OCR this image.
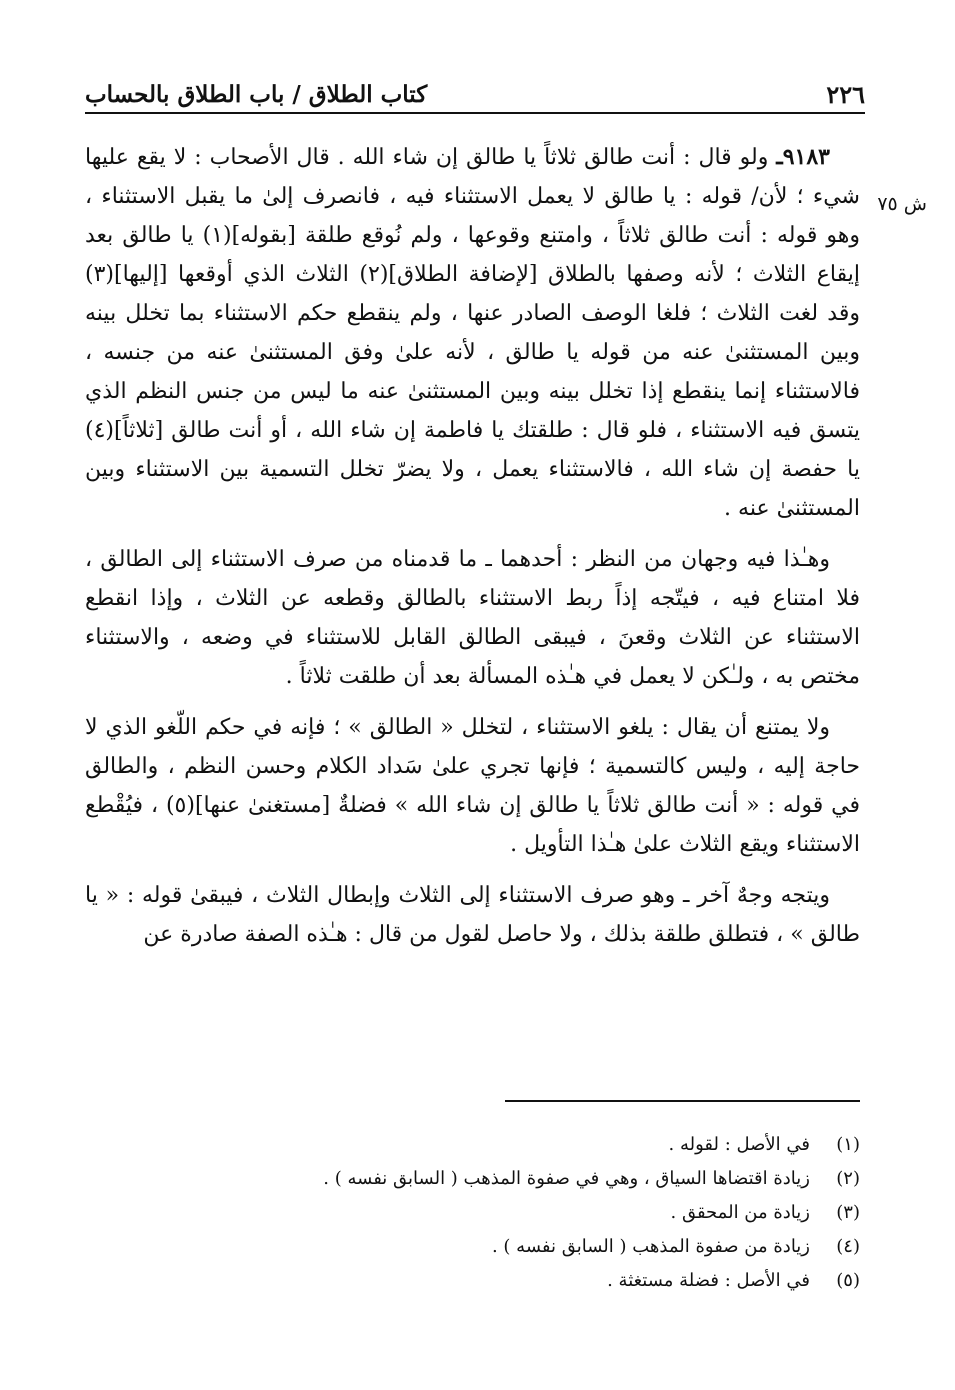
٢٢٦
كتاب الطلاق / باب الطلاق بالحساب
ش ٧٥

٩١٨٣ـ ولو قال : أنت طالق ثلاثاً يا طالق إن شاء الله . قال الأصحاب : لا يقع عليها شيء ؛ لأن/ قوله : يا طالق لا يعمل الاستثناء فيه ، فانصرف إلىٰ ما يقبل الاستثناء ، وهو قوله : أنت طالق ثلاثاً ، وامتنع وقوعها ، ولم نُوقع طلقة [بقوله](١) يا طالق بعد إيقاع الثلاث ؛ لأنه وصفها بالطلاق [لإضافة الطلاق](٢) الثلاث الذي أوقعها [إليها](٣) وقد لغت الثلاث ؛ فلغا الوصف الصادر عنها ، ولم ينقطع حكم الاستثناء بما تخلل بينه وبين المستثنىٰ عنه من قوله يا طالق ، لأنه علىٰ وفق المستثنىٰ عنه من جنسه ، فالاستثناء إنما ينقطع إذا تخلل بينه وبين المستثنىٰ عنه ما ليس من جنس النظم الذي يتسق فيه الاستثناء ، فلو قال : طلقتك يا فاطمة إن شاء الله ، أو أنت طالق [ثلاثاً](٤) يا حفصة إن شاء الله ، فالاستثناء يعمل ، ولا يضرّ تخلل التسمية بين الاستثناء وبين المستثنىٰ عنه .

وهـٰذا فيه وجهان من النظر : أحدهما ـ ما قدمناه من صرف الاستثناء إلى الطالق ، فلا امتناع فيه ، فيتّجه إذاً ربط الاستثناء بالطالق وقطعه عن الثلاث ، وإذا انقطع الاستثناء عن الثلاث وقعنَ ، فيبقى الطالق القابل للاستثناء في وضعه ، والاستثناء مختص به ، ولـٰكن لا يعمل في هـٰذه المسألة بعد أن طلقت ثلاثاً .

ولا يمتنع أن يقال : يلغو الاستثناء ، لتخلل « الطالق » ؛ فإنه في حكم اللّغو الذي لا حاجة إليه ، وليس كالتسمية ؛ فإنها تجري علىٰ سَداد الكلام وحسن النظم ، والطالق في قوله : « أنت طالق ثلاثاً يا طالق إن شاء الله » فضلةٌ [مستغنىٰ عنها](٥) ، فيُقْطع الاستثناء ويقع الثلاث علىٰ هـٰذا التأويل .

ويتجه وجهٌ آخر ـ وهو صرف الاستثناء إلى الثلاث وإبطال الثلاث ، فيبقىٰ قوله : « يا طالق » ، فتطلق طلقة بذلك ، ولا حاصل لقول من قال : هـٰذه الصفة صادرة عن

(١)
في الأصل : لقوله .
(٢)
زيادة اقتضاها السياق ، وهي في صفوة المذهب ( السابق نفسه ) .
(٣)
زيادة من المحقق .
(٤)
زيادة من صفوة المذهب ( السابق نفسه ) .
(٥)
في الأصل : فضلة مستغثة .
